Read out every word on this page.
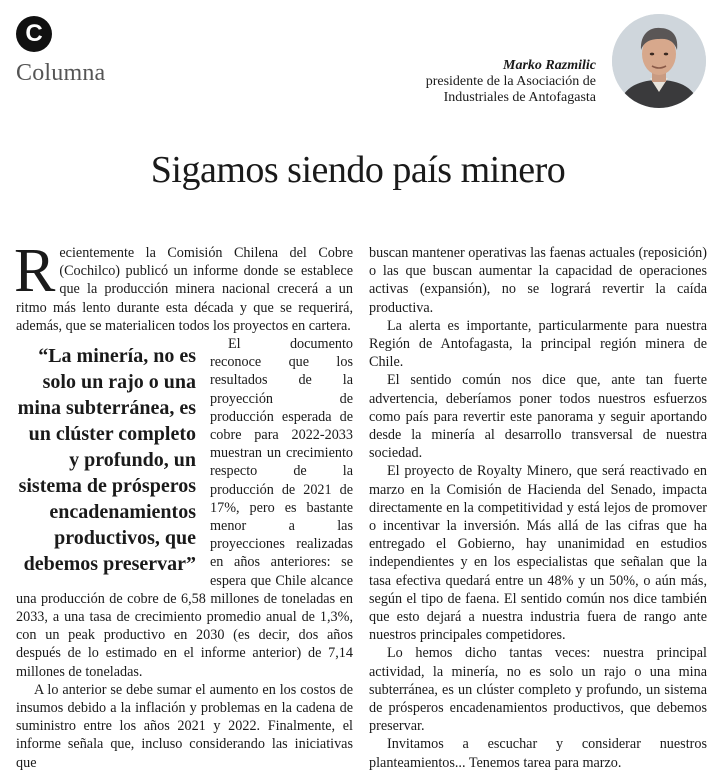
C
Columna	Marko Razmilic
presidente de la Asociación de
Industriales de Antofagasta
Sigamos siendo país minero

Recientemente la Comisión Chilena del Cobre (Cochilco) publicó un informe donde se establece que la producción minera nacional crecerá a un ritmo más lento durante esta década y que se requerirá, además, que se materialicen todos los proyectos en cartera.

“La minería, no es solo un rajo o una mina subterránea, es un clúster completo y profundo, un sistema de prósperos encadenamientos productivos, que debemos preservar”

El documento reconoce que los resultados de la proyección de producción esperada de cobre para 2022-2033 muestran un crecimiento respecto de la producción de 2021 de 17%, pero es bastante menor a las proyecciones realizadas en años anteriores: se espera que Chile alcance una producción de cobre de 6,58 millones de toneladas en 2033, a una tasa de crecimiento promedio anual de 1,3%, con un peak productivo en 2030 (es decir, dos años después de lo estimado en el informe anterior) de 7,14 millones de toneladas.

A lo anterior se debe sumar el aumento en los costos de insumos debido a la inflación y problemas en la cadena de suministro entre los años 2021 y 2022. Finalmente, el informe señala que, incluso considerando las iniciativas que

buscan mantener operativas las faenas actuales (reposición) o las que buscan aumentar la capacidad de operaciones activas (expansión), no se logrará revertir la caída productiva.

La alerta es importante, particularmente para nuestra Región de Antofagasta, la principal región minera de Chile.

El sentido común nos dice que, ante tan fuerte advertencia, deberíamos poner todos nuestros esfuerzos como país para revertir este panorama y seguir aportando desde la minería al desarrollo transversal de nuestra sociedad.

El proyecto de Royalty Minero, que será reactivado en marzo en la Comisión de Hacienda del Senado, impacta directamente en la competitividad y está lejos de promover o incentivar la inversión. Más allá de las cifras que ha entregado el Gobierno, hay unanimidad en estudios independientes y en los especialistas que señalan que la tasa efectiva quedará entre un 48% y un 50%, o aún más, según el tipo de faena. El sentido común nos dice también que esto dejará a nuestra industria fuera de rango ante nuestros principales competidores.

Lo hemos dicho tantas veces: nuestra principal actividad, la minería, no es solo un rajo o una mina subterránea, es un clúster completo y profundo, un sistema de prósperos encadenamientos productivos, que debemos preservar.

Invitamos a escuchar y considerar nuestros planteamientos... Tenemos tarea para marzo.
